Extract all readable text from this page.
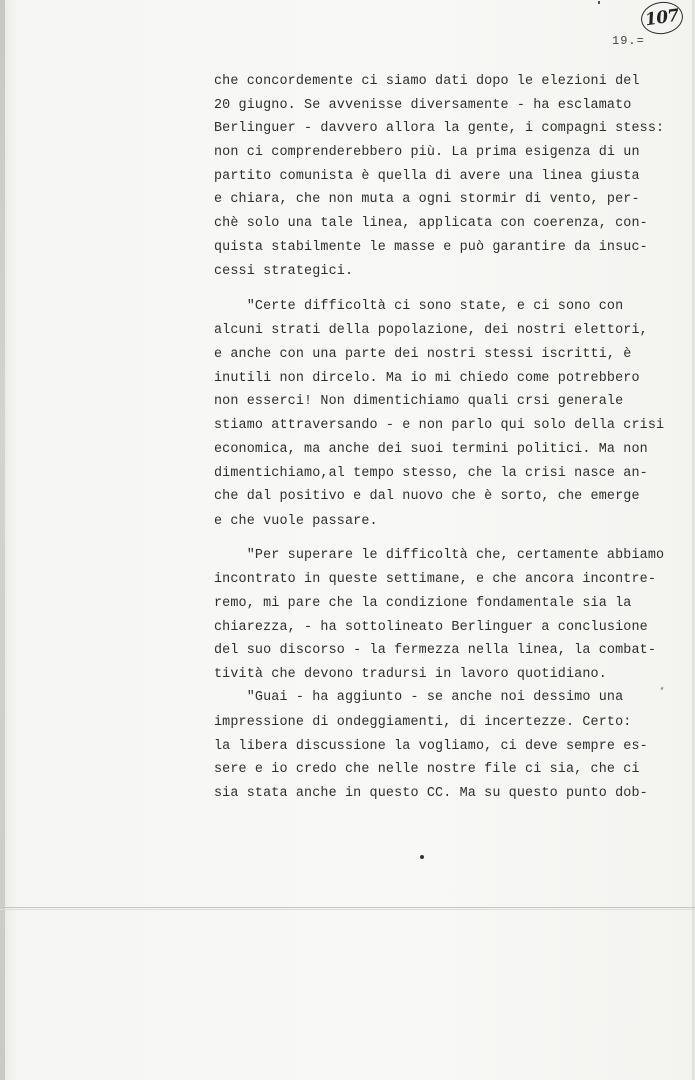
107
19.=
che concordemente ci siamo dati dopo le elezioni del
20 giugno. Se avvenisse diversamente - ha esclamato
Berlinguer - davvero allora la gente, i compagni stess:
non ci comprenderebbero più. La prima esigenza di un
partito comunista è quella di avere una linea giusta
e chiara, che non muta a ogni stormir di vento, per-
chè solo una tale linea, applicata con coerenza, con-
quista stabilmente le masse e può garantire da insuc-
cessi strategici.
"Certe difficoltà ci sono state, e ci sono con
alcuni strati della popolazione, dei nostri elettori,
e anche con una parte dei nostri stessi iscritti, è
inutili non dircelo. Ma io mi chiedo come potrebbero
non esserci! Non dimentichiamo quali crsi generale
stiamo attraversando - e non parlo qui solo della crisi
economica, ma anche dei suoi termini politici. Ma non
dimentichiamo,al tempo stesso, che la crisi nasce an-
che dal positivo e dal nuovo che è sorto, che emerge
e che vuole passare.
"Per superare le difficoltà che, certamente abbiamo
incontrato in queste settimane, e che ancora incontre-
remo, mi pare che la condizione fondamentale sia la
chiarezza, - ha sottolineato Berlinguer a conclusione
del suo discorso - la fermezza nella linea, la combat-
tività che devono tradursi in lavoro quotidiano.
"Guai - ha aggiunto - se anche noi dessimo una
impressione di ondeggiamenti, di incertezze. Certo:
la libera discussione la vogliamo, ci deve sempre es-
sere e io credo che nelle nostre file ci sia, che ci
sia stata anche in questo CC. Ma su questo punto dob-
